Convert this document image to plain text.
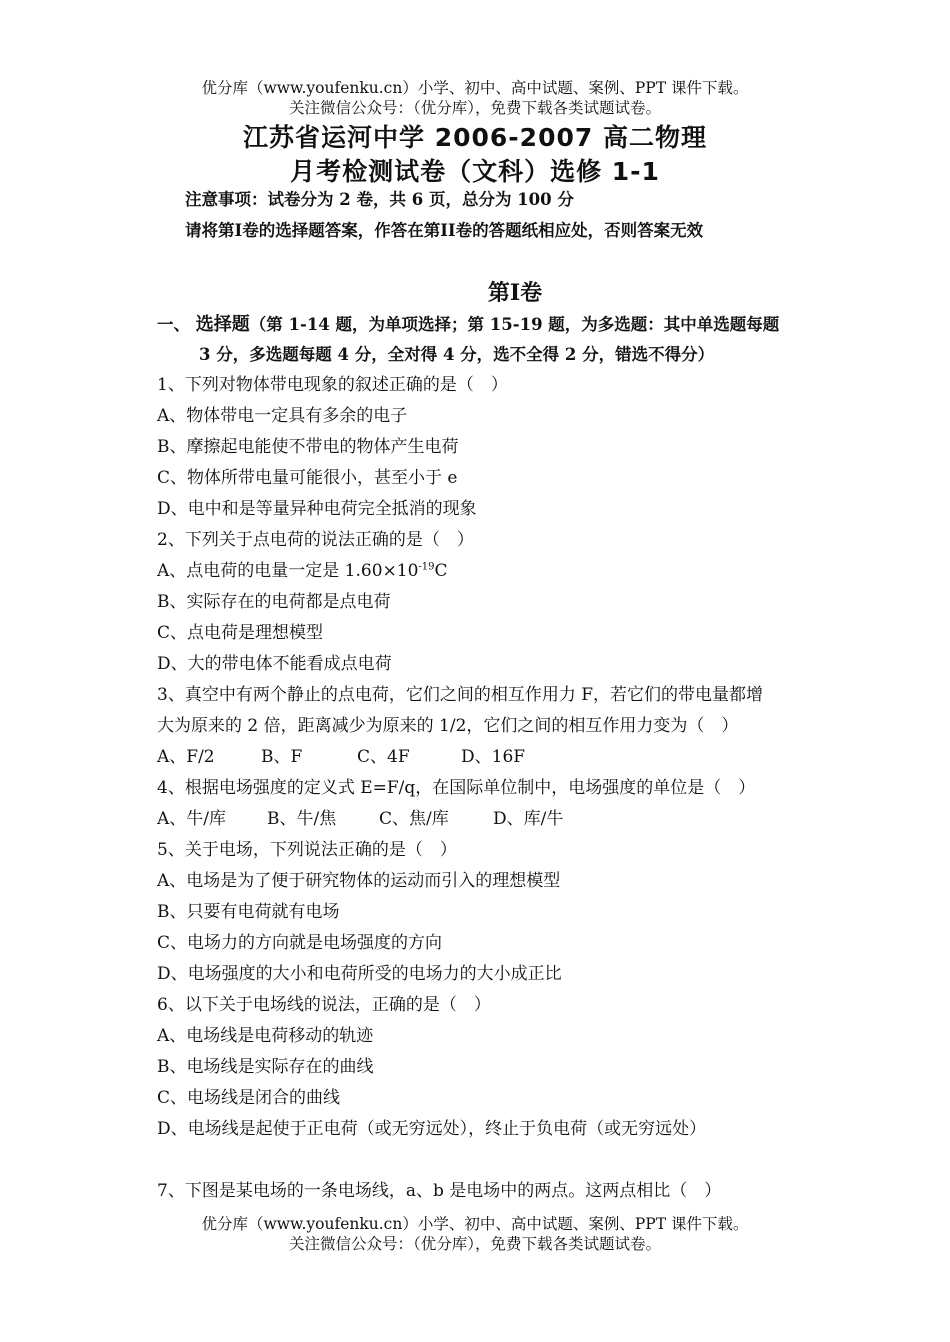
优分库（www.youfenku.cn）小学、初中、高中试题、案例、PPT 课件下载。
关注微信公众号：（优分库），免费下载各类试题试卷。
江苏省运河中学 2006-2007 高二物理
月考检测试卷（文科）选修 1-1
注意事项：试卷分为 2 卷，共 6 页，总分为 100 分
请将第I卷的选择题答案，作答在第II卷的答题纸相应处，否则答案无效
第I卷
一、 选择题（第 1-14 题，为单项选择；第 15-19 题，为多选题：其中单选题每题
3 分，多选题每题 4 分，全对得 4 分，选不全得 2 分，错选不得分）
1、下列对物体带电现象的叙述正确的是（　）
A、物体带电一定具有多余的电子
B、摩擦起电能使不带电的物体产生电荷
C、物体所带电量可能很小，甚至小于 e
D、电中和是等量异种电荷完全抵消的现象
2、下列关于点电荷的说法正确的是（　）
A、点电荷的电量一定是 $1.60\times 10^{-19}C$
B、实际存在的电荷都是点电荷
C、点电荷是理想模型
D、大的带电体不能看成点电荷
3、真空中有两个静止的点电荷，它们之间的相互作用力 F，若它们的带电量都增
大为原来的 2 倍，距离减少为原来的 1/2，它们之间的相互作用力变为（　）
A、F/2	B、F	C、4F	D、16F
4、根据电场强度的定义式 E=F/q，在国际单位制中，电场强度的单位是（　）
A、牛/库 B、牛/焦	C、焦/库	D、库/牛
5、关于电场，下列说法正确的是（　）
A、电场是为了便于研究物体的运动而引入的理想模型
B、只要有电荷就有电场
C、电场力的方向就是电场强度的方向
D、电场强度的大小和电荷所受的电场力的大小成正比
6、以下关于电场线的说法，正确的是（　）
A、电场线是电荷移动的轨迹
B、电场线是实际存在的曲线
C、电场线是闭合的曲线
D、电场线是起使于正电荷（或无穷远处），终止于负电荷（或无穷远处）
7、下图是某电场的一条电场线，a、b 是电场中的两点。这两点相比（　）
优分库（www.youfenku.cn）小学、初中、高中试题、案例、PPT 课件下载。
关注微信公众号：（优分库），免费下载各类试题试卷。
